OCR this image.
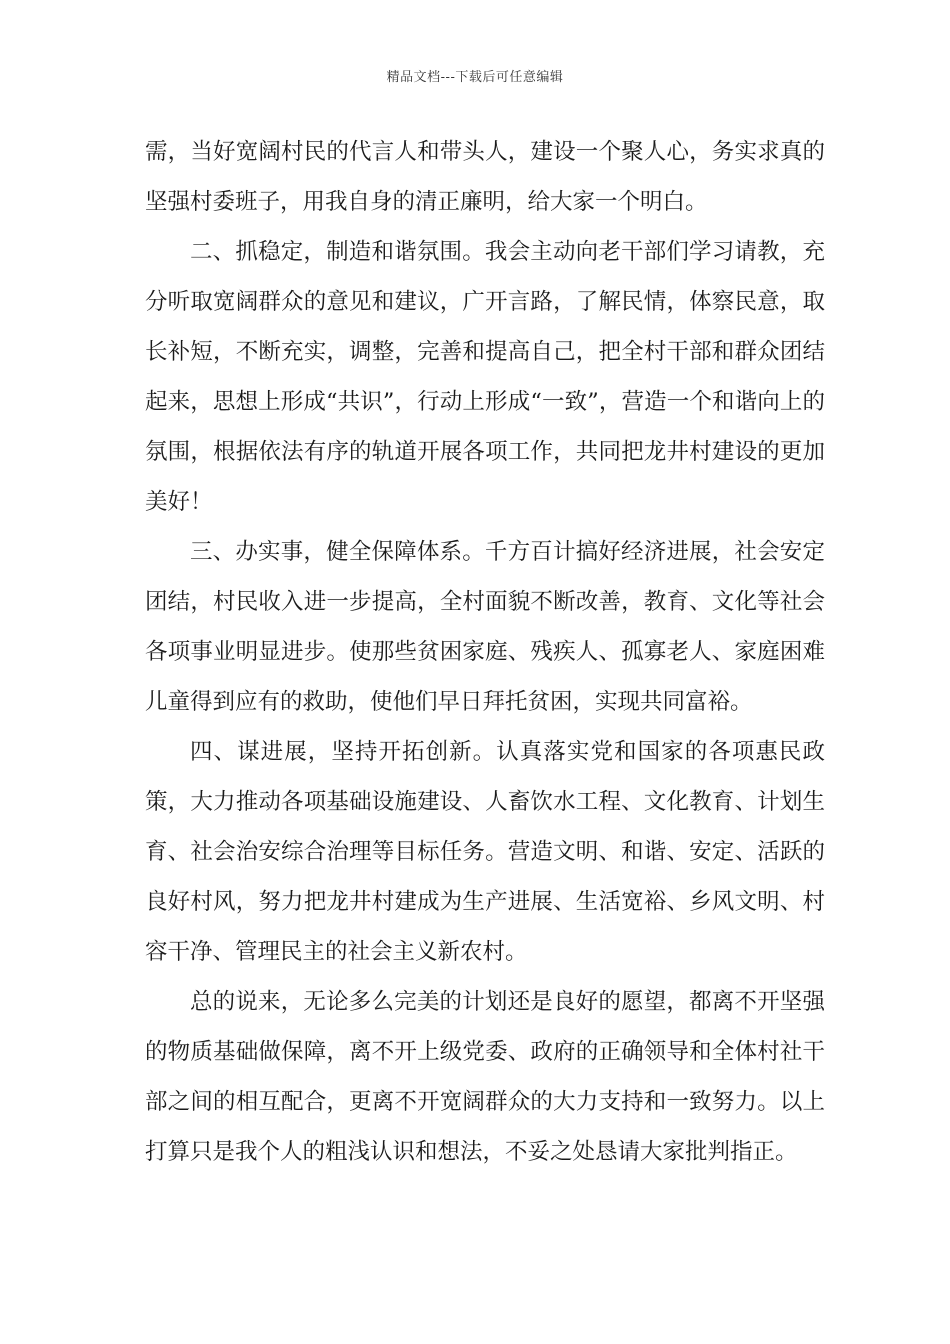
精品文档---下载后可任意编辑

需，当好宽阔村民的代言人和带头人，建设一个聚人心，务实求真的坚强村委班子，用我自身的清正廉明，给大家一个明白。

二、抓稳定，制造和谐氛围。我会主动向老干部们学习请教，充分听取宽阔群众的意见和建议，广开言路，了解民情，体察民意，取长补短，不断充实，调整，完善和提高自己，把全村干部和群众团结起来，思想上形成“共识”，行动上形成“一致”，营造一个和谐向上的氛围，根据依法有序的轨道开展各项工作，共同把龙井村建设的更加美好！

三、办实事，健全保障体系。千方百计搞好经济进展，社会安定团结，村民收入进一步提高，全村面貌不断改善，教育、文化等社会各项事业明显进步。使那些贫困家庭、残疾人、孤寡老人、家庭困难儿童得到应有的救助，使他们早日拜托贫困，实现共同富裕。

四、谋进展，坚持开拓创新。认真落实党和国家的各项惠民政策，大力推动各项基础设施建设、人畜饮水工程、文化教育、计划生育、社会治安综合治理等目标任务。营造文明、和谐、安定、活跃的良好村风，努力把龙井村建成为生产进展、生活宽裕、乡风文明、村容干净、管理民主的社会主义新农村。

总的说来，无论多么完美的计划还是良好的愿望，都离不开坚强的物质基础做保障，离不开上级党委、政府的正确领导和全体村社干部之间的相互配合，更离不开宽阔群众的大力支持和一致努力。以上打算只是我个人的粗浅认识和想法，不妥之处恳请大家批判指正。
